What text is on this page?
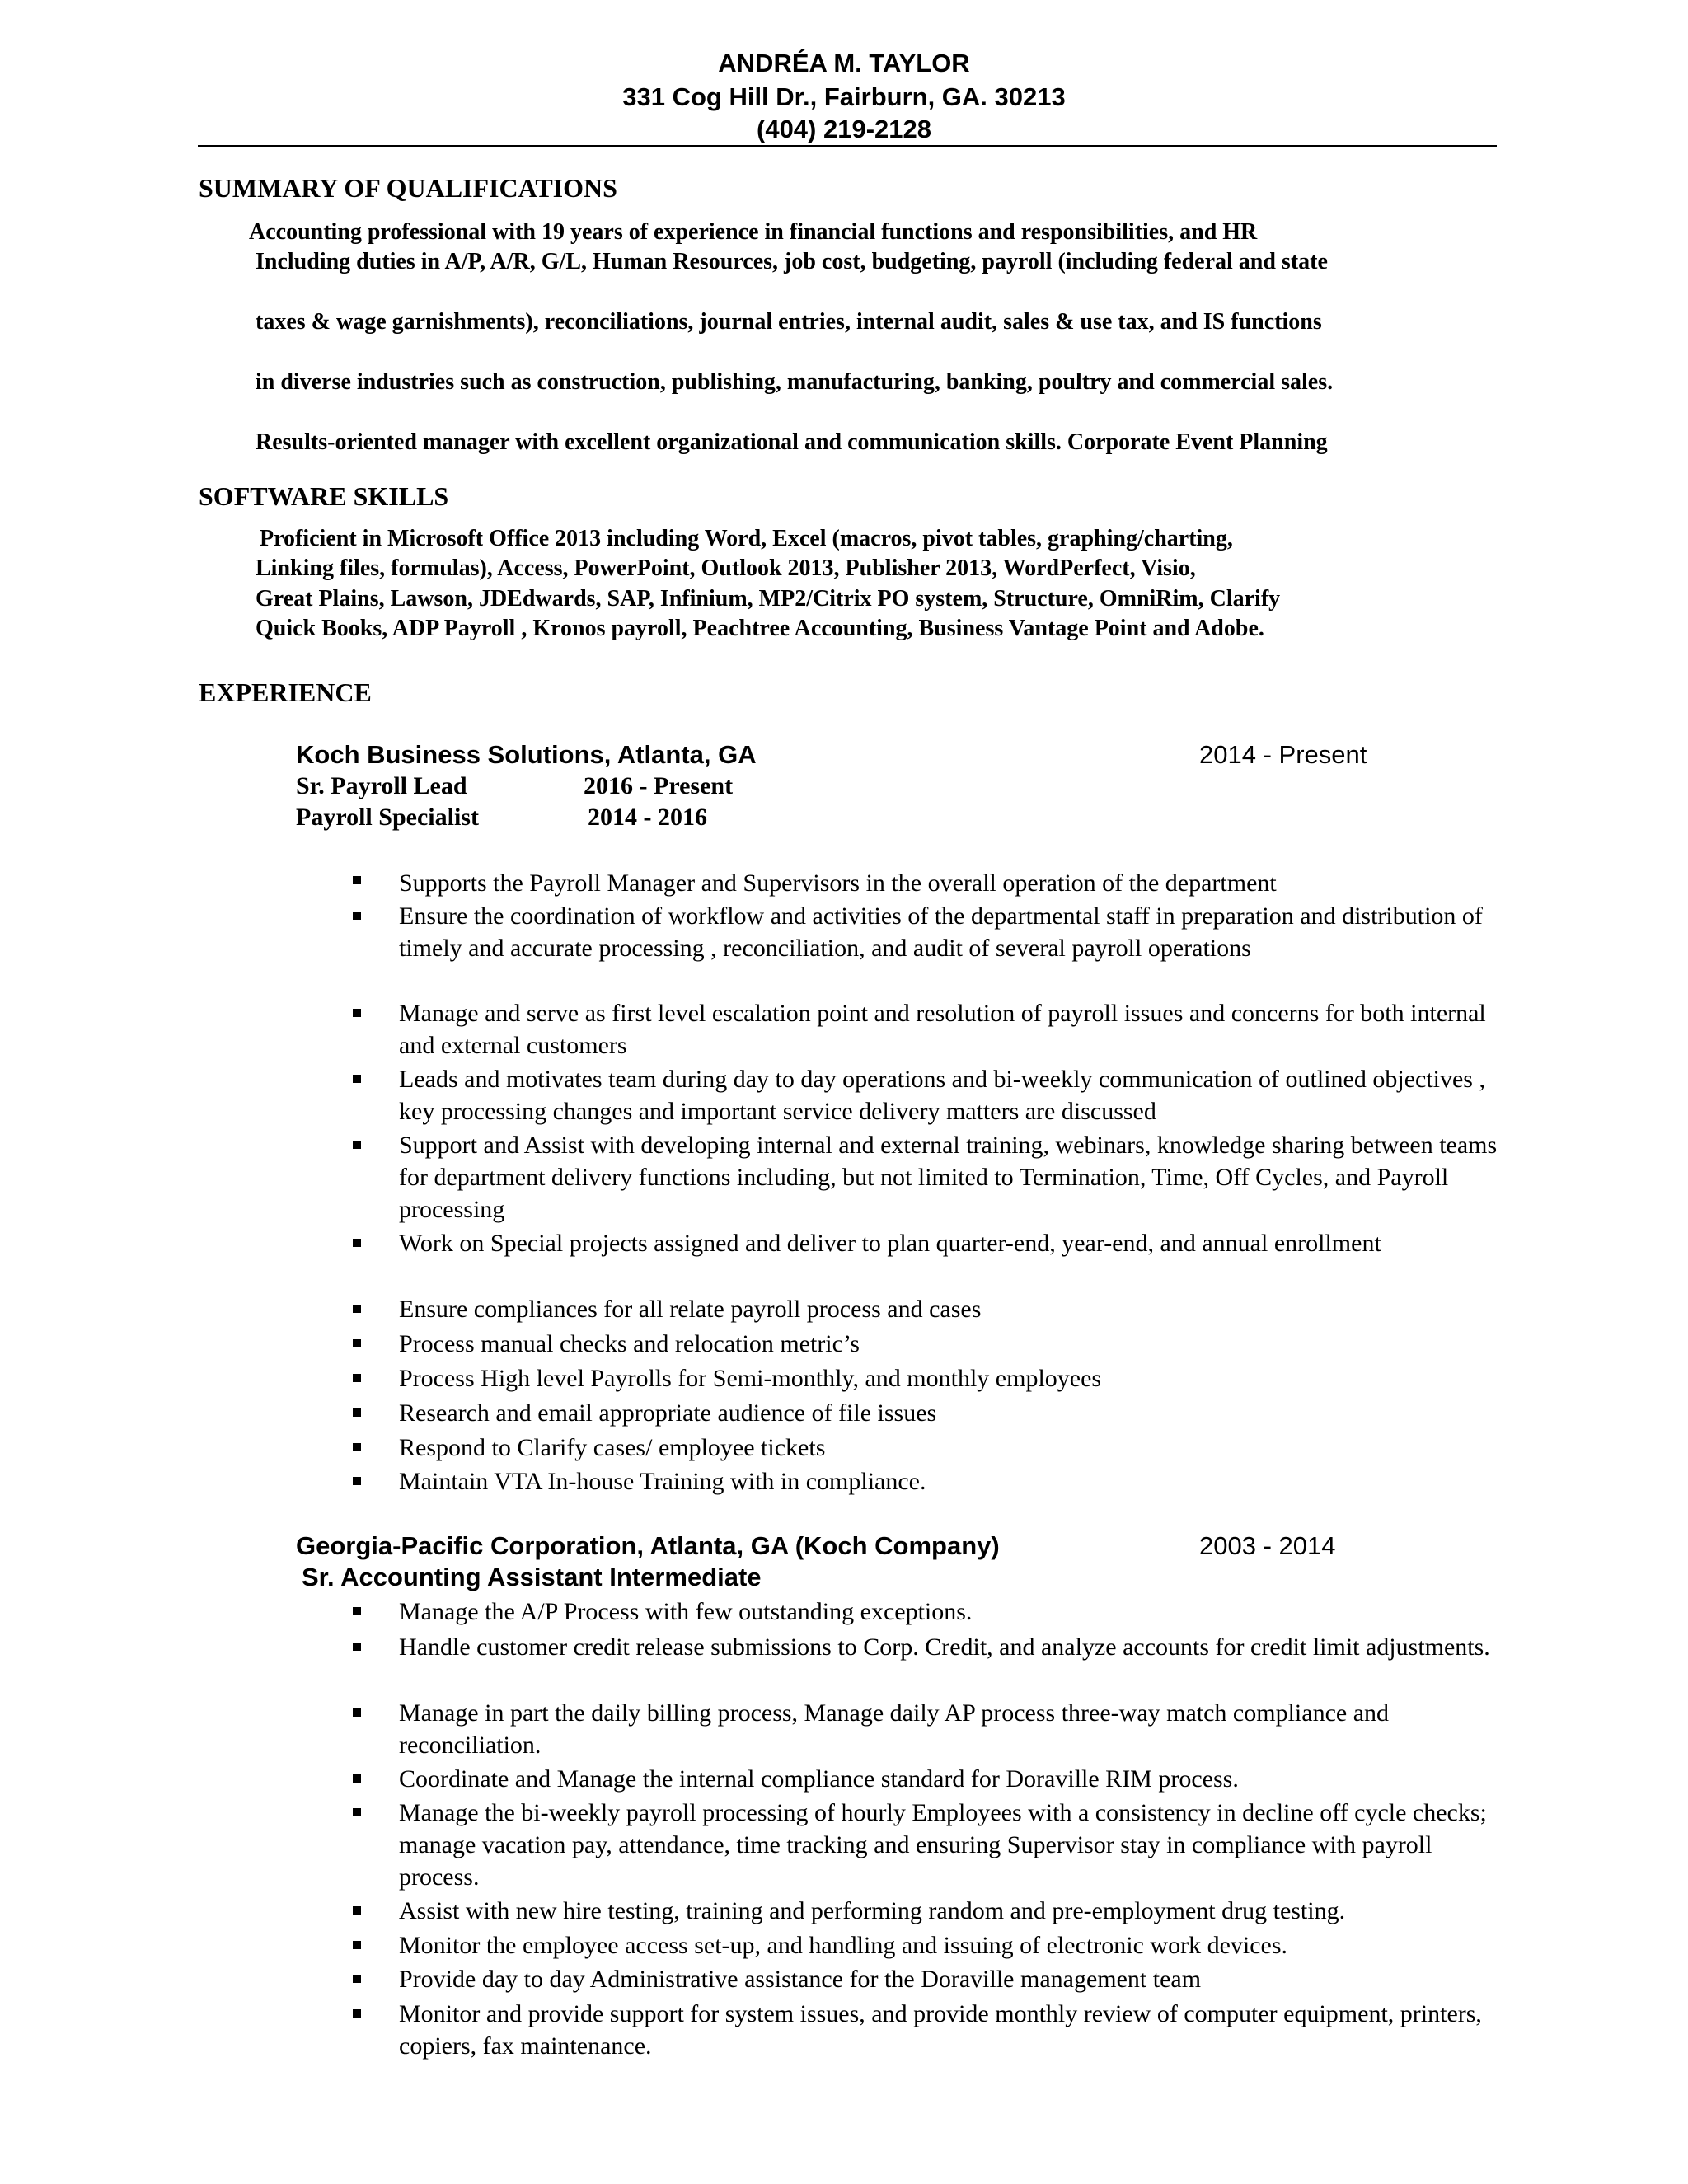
ANDRÉA M. TAYLOR
331 Cog Hill Dr., Fairburn, GA. 30213
(404) 219-2128
SUMMARY OF QUALIFICATIONS
Accounting professional with 19 years of experience in financial functions and responsibilities, and HR
Including duties in A/P, A/R, G/L, Human Resources, job cost, budgeting, payroll (including federal and state
taxes & wage garnishments), reconciliations, journal entries, internal audit, sales & use tax, and IS functions
in diverse industries such as construction, publishing, manufacturing, banking, poultry and commercial sales.
Results-oriented manager with excellent organizational and communication skills. Corporate Event Planning
SOFTWARE SKILLS
Proficient in Microsoft Office 2013 including Word, Excel (macros, pivot tables, graphing/charting,
Linking files, formulas), Access, PowerPoint, Outlook 2013, Publisher 2013, WordPerfect, Visio,
Great Plains, Lawson, JDEdwards, SAP, Infinium, MP2/Citrix PO system, Structure, OmniRim, Clarify
Quick Books, ADP Payroll , Kronos payroll, Peachtree Accounting, Business Vantage Point and Adobe.
EXPERIENCE
Koch Business Solutions, Atlanta, GA	2014 - Present
Sr. Payroll Lead	2016 - Present
Payroll Specialist	2014 - 2016
Supports the Payroll Manager and Supervisors in the overall operation of the department
Ensure the coordination of workflow and activities of the departmental staff in preparation and distribution of timely and accurate processing , reconciliation, and audit of several payroll operations
Manage and serve as first level escalation point and resolution of payroll issues and concerns for both internal and external customers
Leads and motivates team during day to day operations and bi-weekly communication of outlined objectives , key processing changes and important service delivery matters are discussed
Support and Assist with developing internal and external training, webinars, knowledge sharing between teams for department delivery functions including, but not limited to Termination, Time, Off Cycles, and Payroll processing
Work on Special projects assigned and deliver to plan quarter-end, year-end, and annual enrollment
Ensure compliances for all relate payroll process and cases
Process manual checks and relocation metric’s
Process High level Payrolls for Semi-monthly, and monthly employees
Research and email appropriate audience of file issues
Respond to Clarify cases/ employee tickets
Maintain VTA In-house Training with in compliance.
Georgia-Pacific Corporation, Atlanta, GA (Koch Company)	2003 - 2014
Sr. Accounting Assistant Intermediate
Manage the A/P Process with few outstanding exceptions.
Handle customer credit release submissions to Corp. Credit, and analyze accounts for credit limit adjustments.
Manage in part the daily billing process, Manage daily AP process three-way match compliance and reconciliation.
Coordinate and Manage the internal compliance standard for Doraville RIM process.
Manage the bi-weekly payroll processing of hourly Employees with a consistency in decline off cycle checks; manage vacation pay, attendance, time tracking and ensuring Supervisor stay in compliance with payroll process.
Assist with new hire testing, training and performing random and pre-employment drug testing.
Monitor the employee access set-up, and handling and issuing of electronic work devices.
Provide day to day Administrative assistance for the Doraville management team
Monitor and provide support for system issues, and provide monthly review of computer equipment, printers, copiers, fax maintenance.
